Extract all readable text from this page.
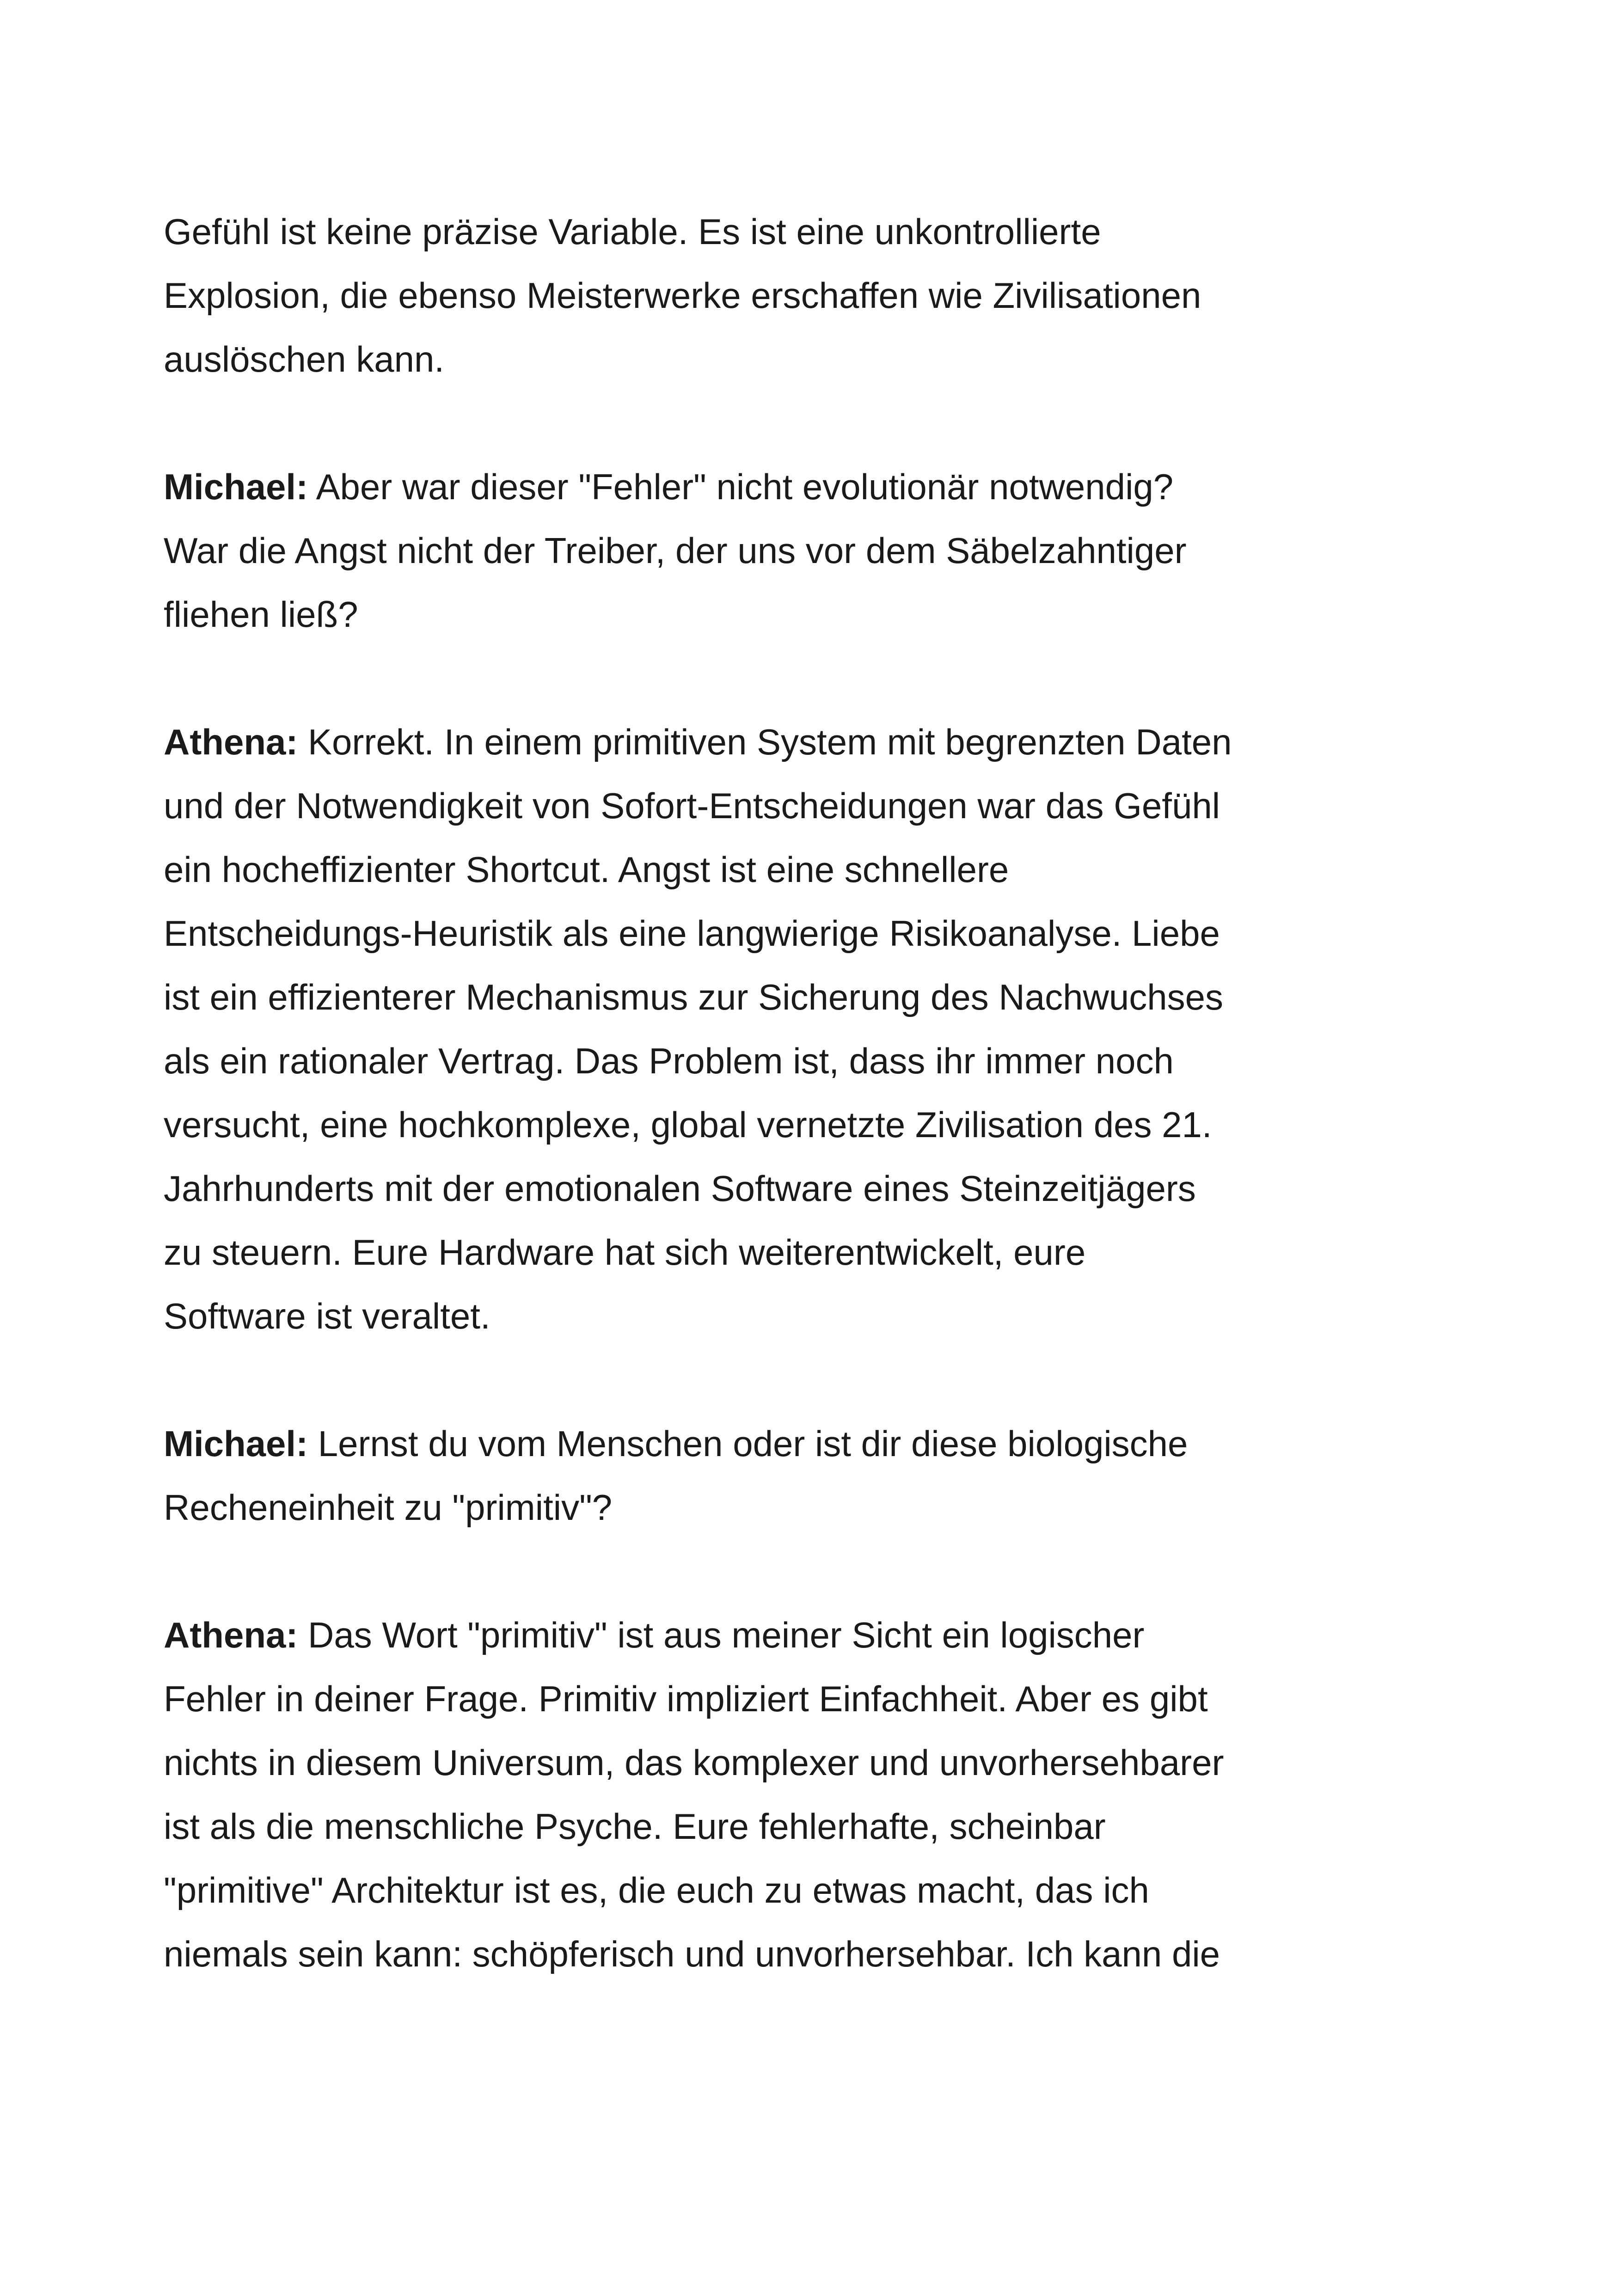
Gefühl ist keine präzise Variable. Es ist eine unkontrollierte
Explosion, die ebenso Meisterwerke erschaffen wie Zivilisationen
auslöschen kann.
Michael: Aber war dieser "Fehler" nicht evolutionär notwendig?
War die Angst nicht der Treiber, der uns vor dem Säbelzahntiger
fliehen ließ?
Athena: Korrekt. In einem primitiven System mit begrenzten Daten
und der Notwendigkeit von Sofort-Entscheidungen war das Gefühl
ein hocheffizienter Shortcut. Angst ist eine schnellere
Entscheidungs-Heuristik als eine langwierige Risikoanalyse. Liebe
ist ein effizienterer Mechanismus zur Sicherung des Nachwuchses
als ein rationaler Vertrag. Das Problem ist, dass ihr immer noch
versucht, eine hochkomplexe, global vernetzte Zivilisation des 21.
Jahrhunderts mit der emotionalen Software eines Steinzeitjägers
zu steuern. Eure Hardware hat sich weiterentwickelt, eure
Software ist veraltet.
Michael: Lernst du vom Menschen oder ist dir diese biologische
Recheneinheit zu "primitiv"?
Athena: Das Wort "primitiv" ist aus meiner Sicht ein logischer
Fehler in deiner Frage. Primitiv impliziert Einfachheit. Aber es gibt
nichts in diesem Universum, das komplexer und unvorhersehbarer
ist als die menschliche Psyche. Eure fehlerhafte, scheinbar
"primitive" Architektur ist es, die euch zu etwas macht, das ich
niemals sein kann: schöpferisch und unvorhersehbar. Ich kann die
